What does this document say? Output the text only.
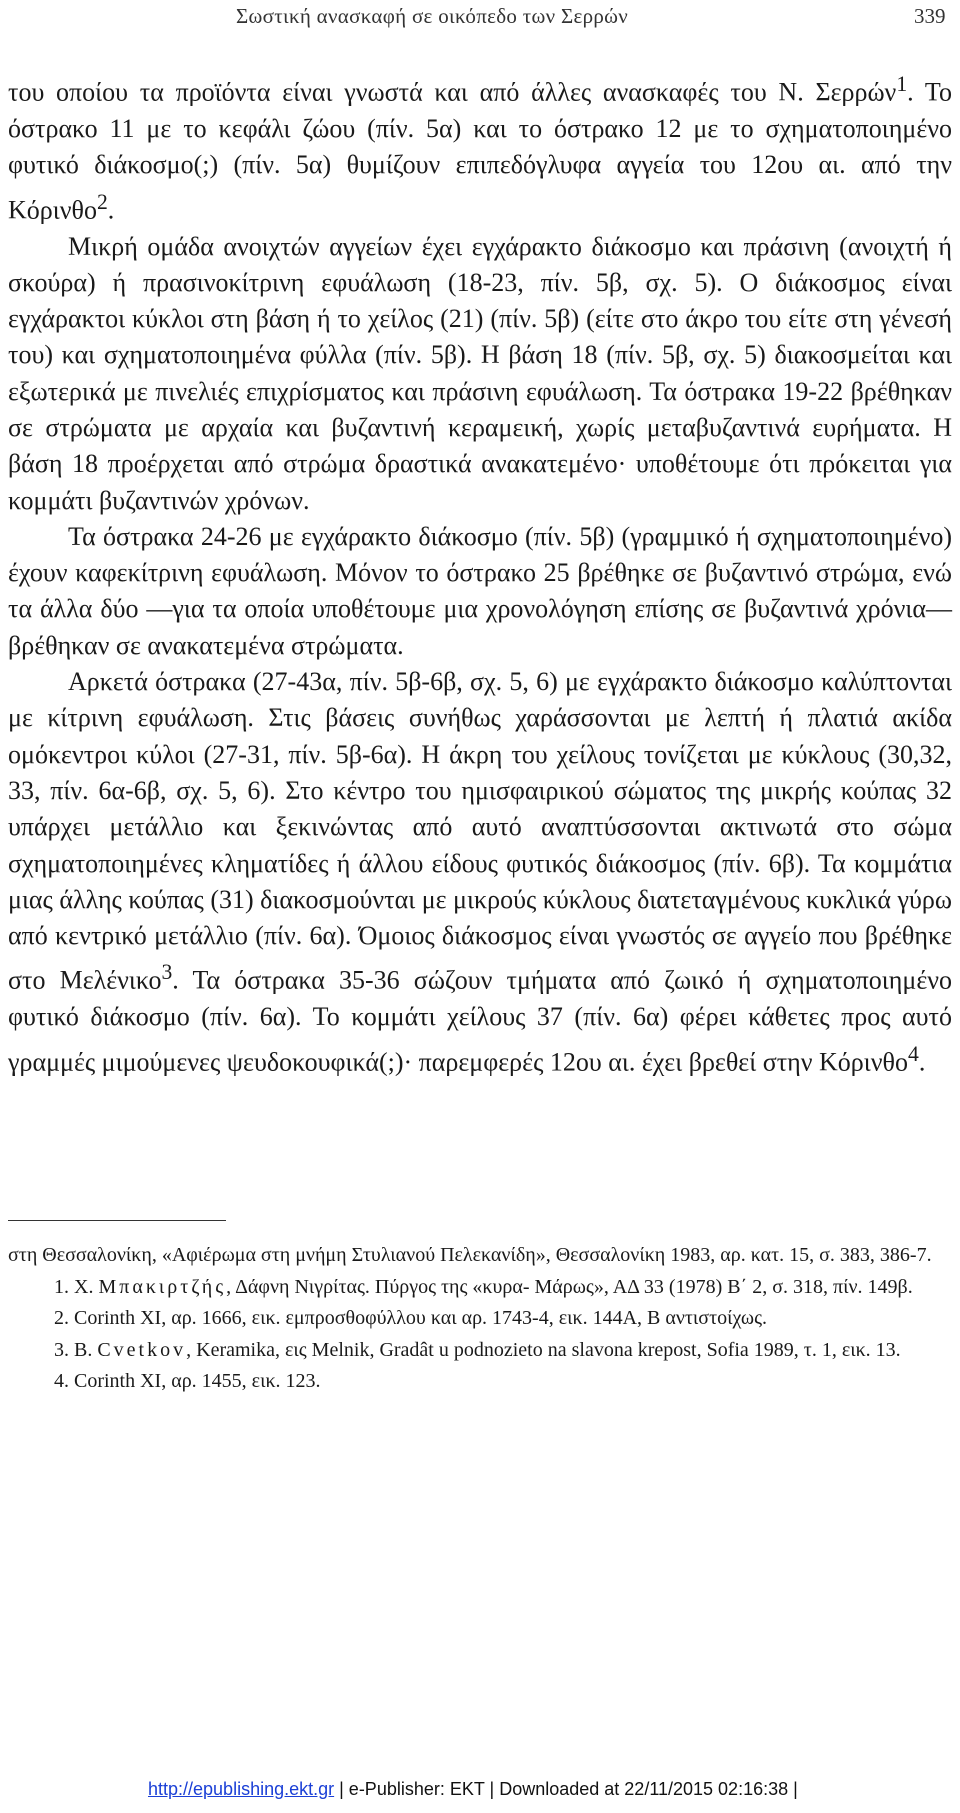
Σωστική ανασκαφή σε οικόπεδο των Σερρών	339

του οποίου τα προϊόντα είναι γνωστά και από άλλες ανασκαφές του Ν. Σερρών$^1$. Το όστρακο 11 με το κεφάλι ζώου (πίν. 5α) και το όστρακο 12 με το σχηματοποιημένο φυτικό διάκοσμο(;) (πίν. 5α) θυμίζουν επιπεδόγλυφα αγγεία του 12ου αι. από την Κόρινθο$^2$.

Μικρή ομάδα ανοιχτών αγγείων έχει εγχάρακτο διάκοσμο και πράσινη (ανοιχτή ή σκούρα) ή πρασινοκίτρινη εφυάλωση (18-23, πίν. 5β, σχ. 5). Ο διάκοσμος είναι εγχάρακτοι κύκλοι στη βάση ή το χείλος (21) (πίν. 5β) (είτε στο άκρο του είτε στη γένεσή του) και σχηματοποιημένα φύλλα (πίν. 5β). Η βάση 18 (πίν. 5β, σχ. 5) διακοσμείται και εξωτερικά με πινελιές επιχρίσματος και πράσινη εφυάλωση. Τα όστρακα 19-22 βρέθηκαν σε στρώματα με αρχαία και βυζαντινή κεραμεική, χωρίς μεταβυζαντινά ευρήματα. Η βάση 18 προέρχεται από στρώμα δραστικά ανακατεμένο· υποθέτουμε ότι πρόκειται για κομμάτι βυζαντινών χρόνων.

Τα όστρακα 24-26 με εγχάρακτο διάκοσμο (πίν. 5β) (γραμμικό ή σχηματοποιημένο) έχουν καφεκίτρινη εφυάλωση. Μόνον το όστρακο 25 βρέθηκε σε βυζαντινό στρώμα, ενώ τα άλλα δύο —για τα οποία υποθέτουμε μια χρονολόγηση επίσης σε βυζαντινά χρόνια— βρέθηκαν σε ανακατεμένα στρώματα.

Αρκετά όστρακα (27-43α, πίν. 5β-6β, σχ. 5, 6) με εγχάρακτο διάκοσμο καλύπτονται με κίτρινη εφυάλωση. Στις βάσεις συνήθως χαράσσονται με λεπτή ή πλατιά ακίδα ομόκεντροι κύλοι (27-31, πίν. 5β-6α). Η άκρη του χείλους τονίζεται με κύκλους (30,32, 33, πίν. 6α-6β, σχ. 5, 6). Στο κέντρο του ημισφαιρικού σώματος της μικρής κούπας 32 υπάρχει μετάλλιο και ξεκινώντας από αυτό αναπτύσσονται ακτινωτά στο σώμα σχηματοποιημένες κληματίδες ή άλλου είδους φυτικός διάκοσμος (πίν. 6β). Τα κομμάτια μιας άλλης κούπας (31) διακοσμούνται με μικρούς κύκλους διατεταγμένους κυκλικά γύρω από κεντρικό μετάλλιο (πίν. 6α). Όμοιος διάκοσμος είναι γνωστός σε αγγείο που βρέθηκε στο Μελένικο$^3$. Τα όστρακα 35-36 σώζουν τμήματα από ζωικό ή σχηματοποιημένο φυτικό διάκοσμο (πίν. 6α). Το κομμάτι χείλους 37 (πίν. 6α) φέρει κάθετες προς αυτό γραμμές μιμούμενες ψευδοκουφικά(;)· παρεμφερές 12ου αι. έχει βρεθεί στην Κόρινθο$^4$.

στη Θεσσαλονίκη, «Αφιέρωμα στη μνήμη Στυλιανού Πελεκανίδη», Θεσσαλονίκη 1983, αρ. κατ. 15, σ. 383, 386-7.

1. Χ. Μπακιρτζής, Δάφνη Νιγρίτας. Πύργος της «κυρα- Μάρως», ΑΔ 33 (1978) Β΄ 2, σ. 318, πίν. 149β.

2. Corinth XI, αρ. 1666, εικ. εμπροσθοφύλλου και αρ. 1743-4, εικ. 144Α, Β αντιστοίχως.

3. B. Cvetkov, Keramika, εις Melnik, Gradât u podnozieto na slavona krepost, Sofia 1989, τ. 1, εικ. 13.

4. Corinth XI, αρ. 1455, εικ. 123.

http://epublishing.ekt.gr | e-Publisher: EKT | Downloaded at 22/11/2015 02:16:38 |
